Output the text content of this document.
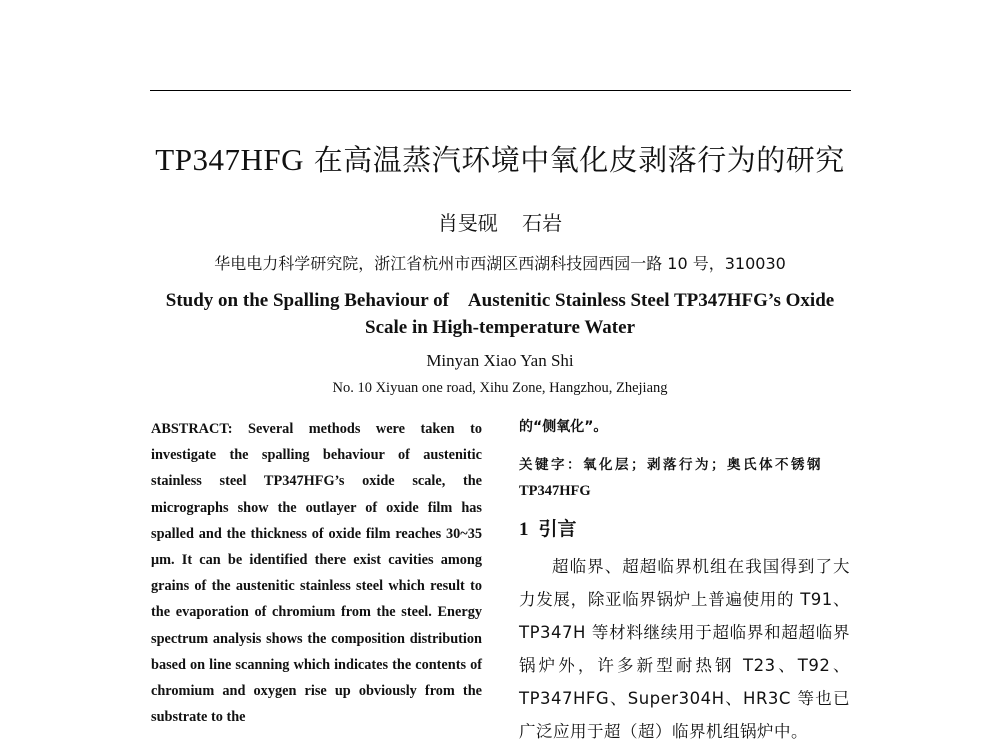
TP347HFG 在高温蒸汽环境中氧化皮剥落行为的研究
肖旻砚 石岩
华电电力科学研究院，浙江省杭州市西湖区西湖科技园西园一路 10 号，310030
Study on the Spalling Behaviour of　Austenitic Stainless Steel TP347HFG’s Oxide Scale in High-temperature Water
Minyan Xiao Yan Shi
No. 10 Xiyuan one road, Xihu Zone, Hangzhou, Zhejiang
ABSTRACT: Several methods were taken to investigate the spalling behaviour of austenitic stainless steel TP347HFG’s oxide scale, the micrographs show the outlayer of oxide film has spalled and the thickness of oxide film reaches 30~35　μm. It can be identified there exist cavities among grains of the austenitic stainless steel which result to the evaporation of chromium from the steel. Energy spectrum analysis shows the composition distribution based on line scanning which indicates the contents of chromium and oxygen rise up obviously from the substrate to the
的“侧氧化”。
关键字：氧化层；剥落行为；奥氏体不锈钢
TP347HFG
1 引言
超临界、超超临界机组在我国得到了大力发展，除亚临界锅炉上普遍使用的 T91、TP347H 等材料继续用于超临界和超超临界锅炉外，许多新型耐热钢 T23、T92、TP347HFG、Super304H、HR3C 等也已广泛应用于超（超）临界机组锅炉中。
